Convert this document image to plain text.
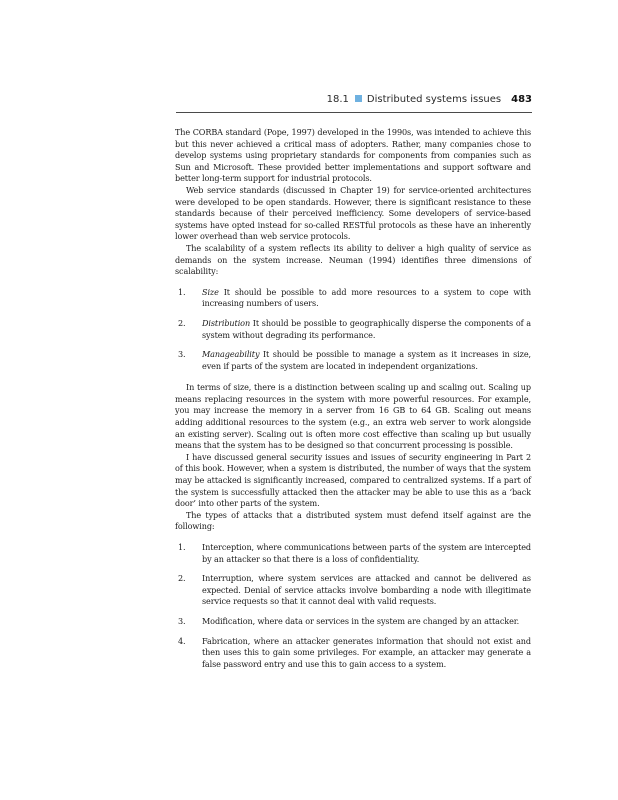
18.1 Distributed systems issues 483

The CORBA standard (Pope, 1997) developed in the 1990s, was intended to achieve this but this never achieved a critical mass of adopters. Rather, many companies chose to develop systems using proprietary standards for components from companies such as Sun and Microsoft. These provided better implementations and support software and better long-term support for industrial protocols.

Web service standards (discussed in Chapter 19) for service-oriented architectures were developed to be open standards. However, there is significant resistance to these standards because of their perceived inefficiency. Some developers of service-based systems have opted instead for so-called RESTful protocols as these have an inherently lower overhead than web service protocols.

The scalability of a system reflects its ability to deliver a high quality of service as demands on the system increase. Neuman (1994) identifies three dimensions of scalability:

1. Size It should be possible to add more resources to a system to cope with increasing numbers of users.
2. Distribution It should be possible to geographically disperse the components of a system without degrading its performance.
3. Manageability It should be possible to manage a system as it increases in size, even if parts of the system are located in independent organizations.

In terms of size, there is a distinction between scaling up and scaling out. Scaling up means replacing resources in the system with more powerful resources. For example, you may increase the memory in a server from 16 GB to 64 GB. Scaling out means adding additional resources to the system (e.g., an extra web server to work alongside an existing server). Scaling out is often more cost effective than scaling up but usually means that the system has to be designed so that concurrent processing is possible.

I have discussed general security issues and issues of security engineering in Part 2 of this book. However, when a system is distributed, the number of ways that the system may be attacked is significantly increased, compared to centralized systems. If a part of the system is successfully attacked then the attacker may be able to use this as a ‘back door’ into other parts of the system.

The types of attacks that a distributed system must defend itself against are the following:

1. Interception, where communications between parts of the system are intercepted by an attacker so that there is a loss of confidentiality.
2. Interruption, where system services are attacked and cannot be delivered as expected. Denial of service attacks involve bombarding a node with illegitimate service requests so that it cannot deal with valid requests.
3. Modification, where data or services in the system are changed by an attacker.
4. Fabrication, where an attacker generates information that should not exist and then uses this to gain some privileges. For example, an attacker may generate a false password entry and use this to gain access to a system.
